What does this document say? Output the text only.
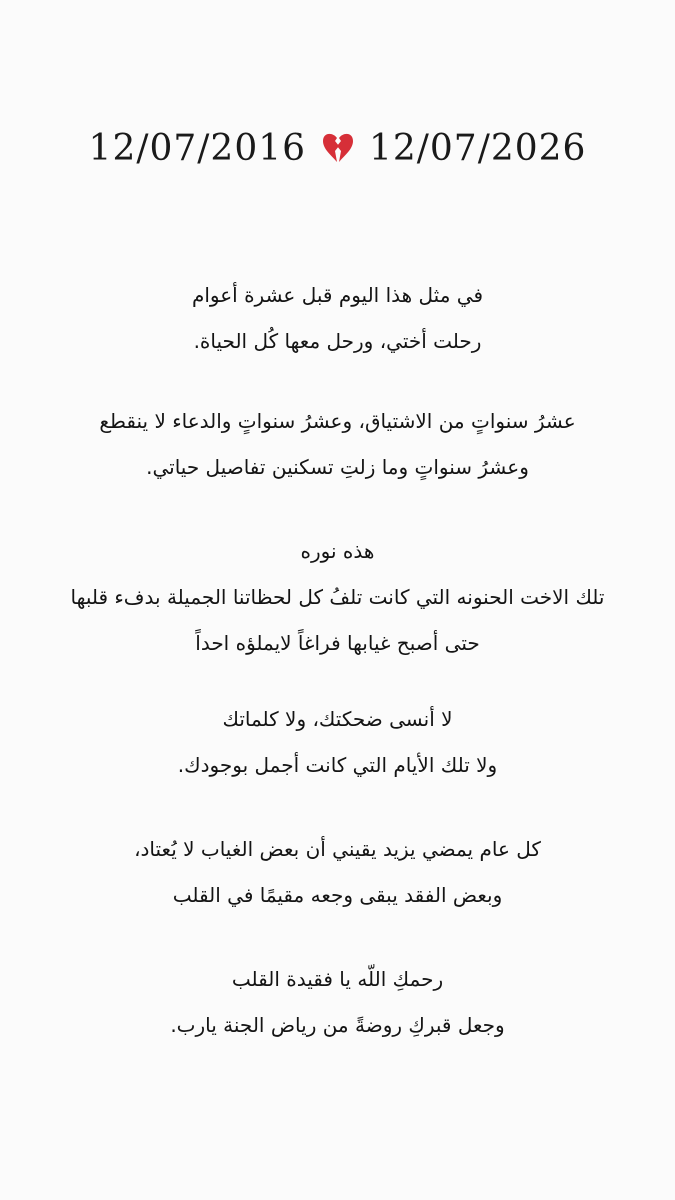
12/07/2016 12/07/2026
في مثل هذا اليوم قبل عشرة أعوام
رحلت أختي، ورحل معها كُل الحياة.
عشرُ سنواتٍ من الاشتياق، وعشرُ سنواتٍ والدعاء لا ينقطع
وعشرُ سنواتٍ وما زلتِ تسكنين تفاصيل حياتي.
هذه نوره
تلك الاخت الحنونه التي كانت تلفُ كل لحظاتنا الجميلة بدفء قلبها
حتى أصبح غيابها فراغاً لايملؤه احداً
لا أنسى ضحكتك، ولا كلماتك
ولا تلك الأيام التي كانت أجمل بوجودك.
كل عام يمضي يزيد يقيني أن بعض الغياب لا يُعتاد،
وبعض الفقد يبقى وجعه مقيمًا في القلب
رحمكِ اللّه يا فقيدة القلب
وجعل قبركِ روضةً من رياض الجنة يارب.
